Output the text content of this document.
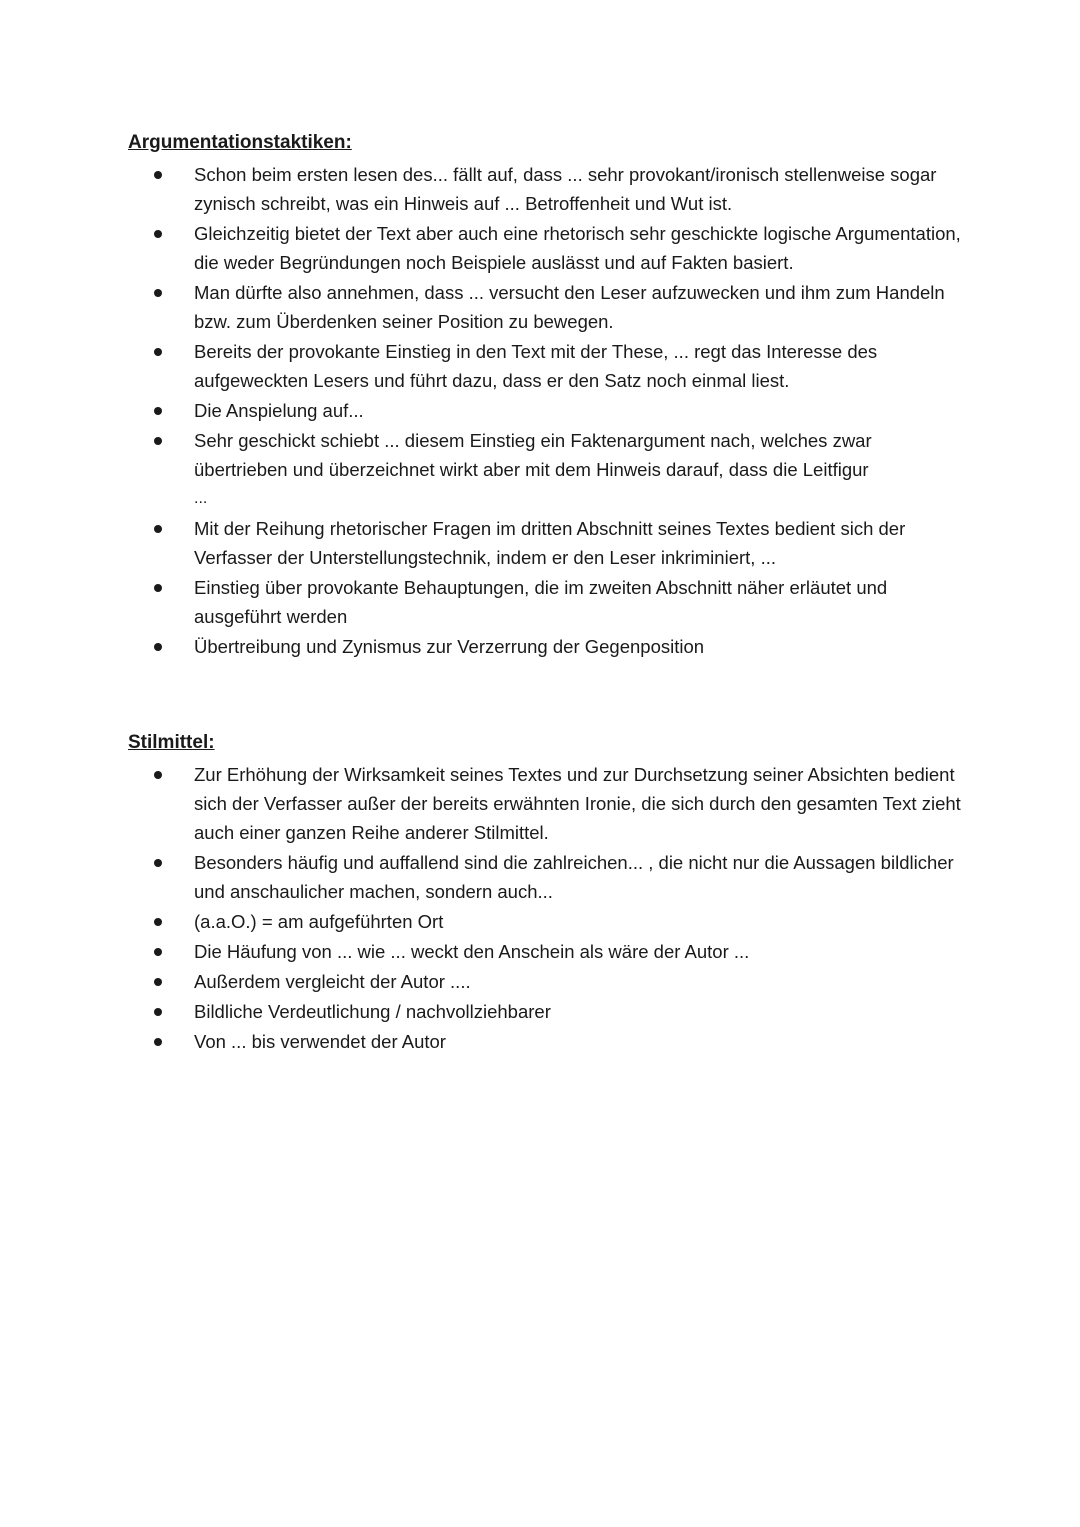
Argumentationstaktiken:
Schon beim ersten lesen des... fällt auf, dass ... sehr provokant/ironisch stellenweise sogar zynisch schreibt, was ein Hinweis auf ... Betroffenheit und Wut ist.
Gleichzeitig bietet der Text aber auch eine rhetorisch sehr geschickte logische Argumentation, die weder Begründungen noch Beispiele auslässt und auf Fakten basiert.
Man dürfte also annehmen, dass ... versucht den Leser aufzuwecken und ihm zum Handeln bzw. zum Überdenken seiner Position zu bewegen.
Bereits der provokante Einstieg in den Text mit der These, ... regt das Interesse des aufgeweckten Lesers und führt dazu, dass er den Satz noch einmal liest.
Die Anspielung auf...
Sehr geschickt schiebt ... diesem Einstieg ein Faktenargument nach, welches zwar übertrieben und überzeichnet wirkt aber mit dem Hinweis darauf, dass die Leitfigur
...
Mit der Reihung rhetorischer Fragen im dritten Abschnitt seines Textes bedient sich der Verfasser der Unterstellungstechnik, indem er den Leser inkriminiert, ...
Einstieg über provokante Behauptungen, die im zweiten Abschnitt näher erläutet und ausgeführt werden
Übertreibung und Zynismus zur Verzerrung der Gegenposition
Stilmittel:
Zur Erhöhung der Wirksamkeit seines Textes und zur Durchsetzung seiner Absichten bedient sich der Verfasser außer der bereits erwähnten Ironie, die sich durch den gesamten Text zieht auch einer ganzen Reihe anderer Stilmittel.
Besonders häufig und auffallend sind die zahlreichen... , die nicht nur die Aussagen bildlicher und anschaulicher machen, sondern auch...
(a.a.O.) = am aufgeführten Ort
Die Häufung von ... wie ... weckt den Anschein als wäre der Autor ...
Außerdem vergleicht der Autor ....
Bildliche Verdeutlichung / nachvollziehbarer
Von ... bis verwendet der Autor
